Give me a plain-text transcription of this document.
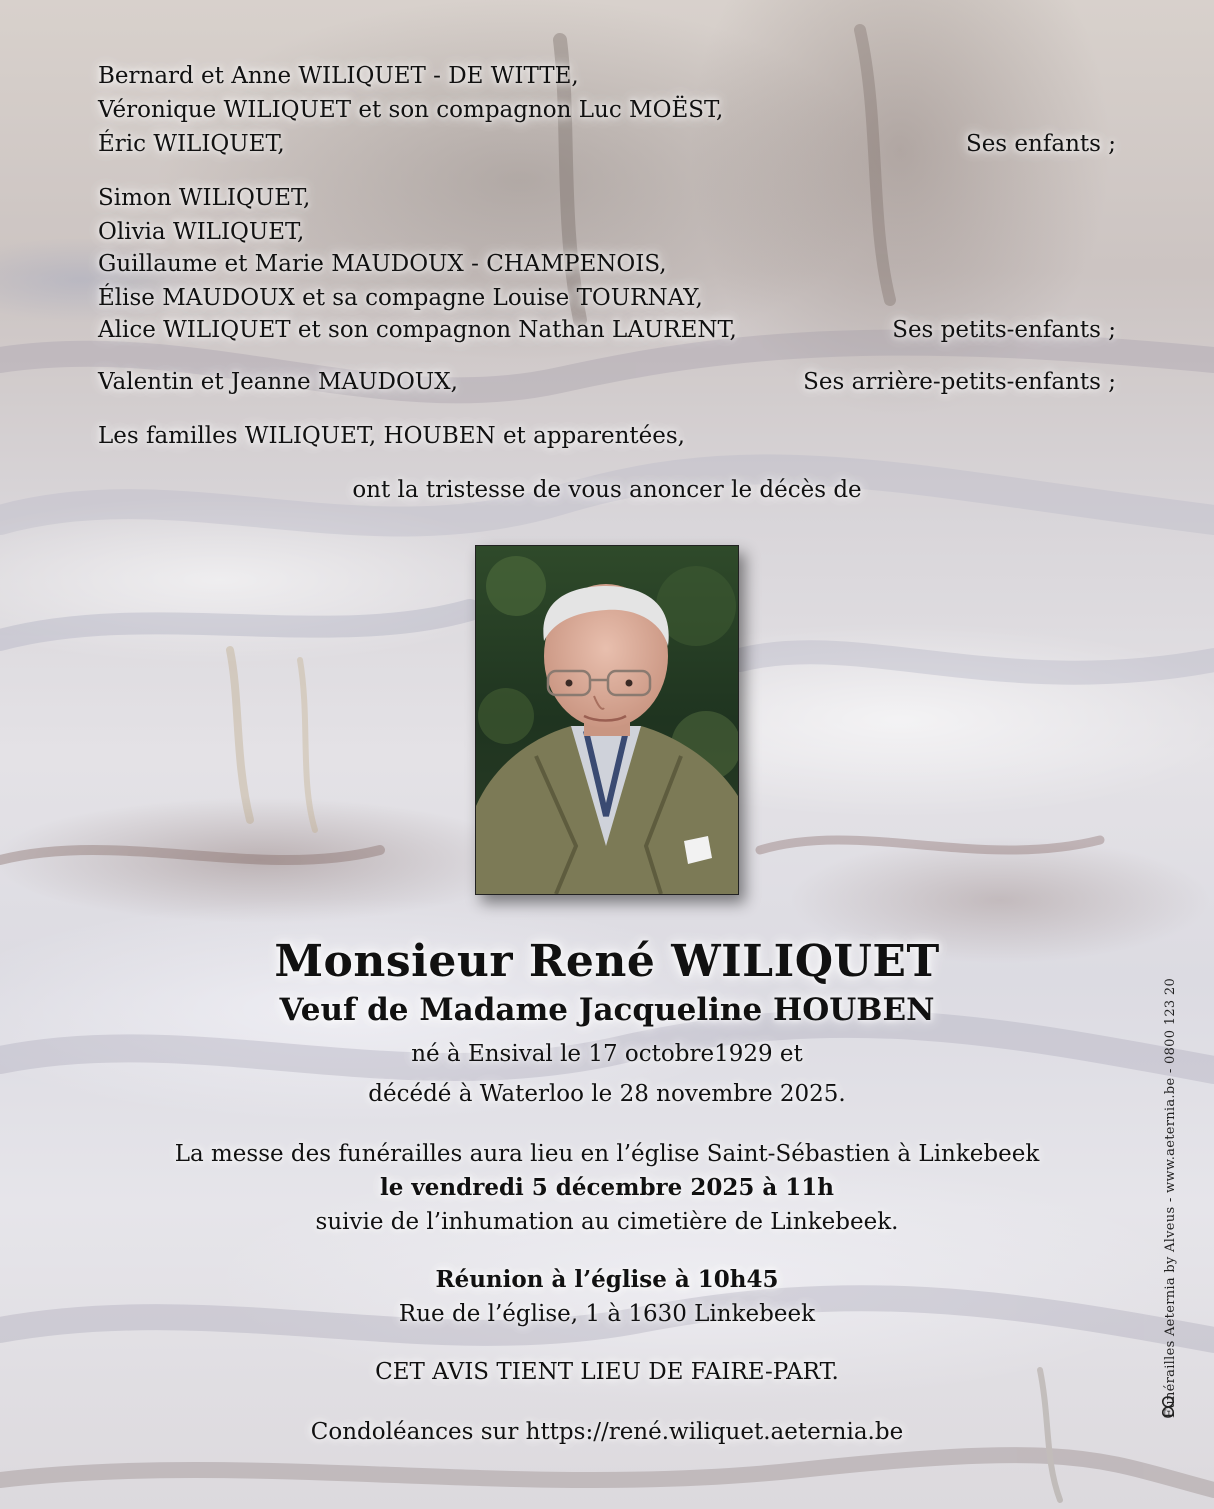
Bernard et Anne WILIQUET - DE WITTE,
Véronique WILIQUET et son compagnon Luc MOËST,
Éric WILIQUET,	Ses enfants ;
Simon WILIQUET,
Olivia WILIQUET,
Guillaume et Marie MAUDOUX - CHAMPENOIS,
Élise MAUDOUX et sa compagne Louise TOURNAY,
Alice WILIQUET et son compagnon Nathan LAURENT,	Ses petits-enfants ;
Valentin et Jeanne MAUDOUX,	Ses arrière-petits-enfants ;
Les familles WILIQUET, HOUBEN et apparentées,
ont la tristesse de vous anoncer le décès de
Monsieur René WILIQUET
Veuf de Madame Jacqueline HOUBEN
né à Ensival le 17 octobre1929 et
décédé à Waterloo le 28 novembre 2025.
La messe des funérailles aura lieu en l’église Saint-Sébastien à Linkebeek
le vendredi 5 décembre 2025 à 11h
suivie de l’inhumation au cimetière de Linkebeek.
Réunion à l’église à 10h45
Rue de l’église, 1 à 1630 Linkebeek
CET AVIS TIENT LIEU DE FAIRE-PART.
Condoléances sur https://rené.wiliquet.aeternia.be
Funérailles Aeternia by Alveus - www.aeternia.be - 0800 123 20
